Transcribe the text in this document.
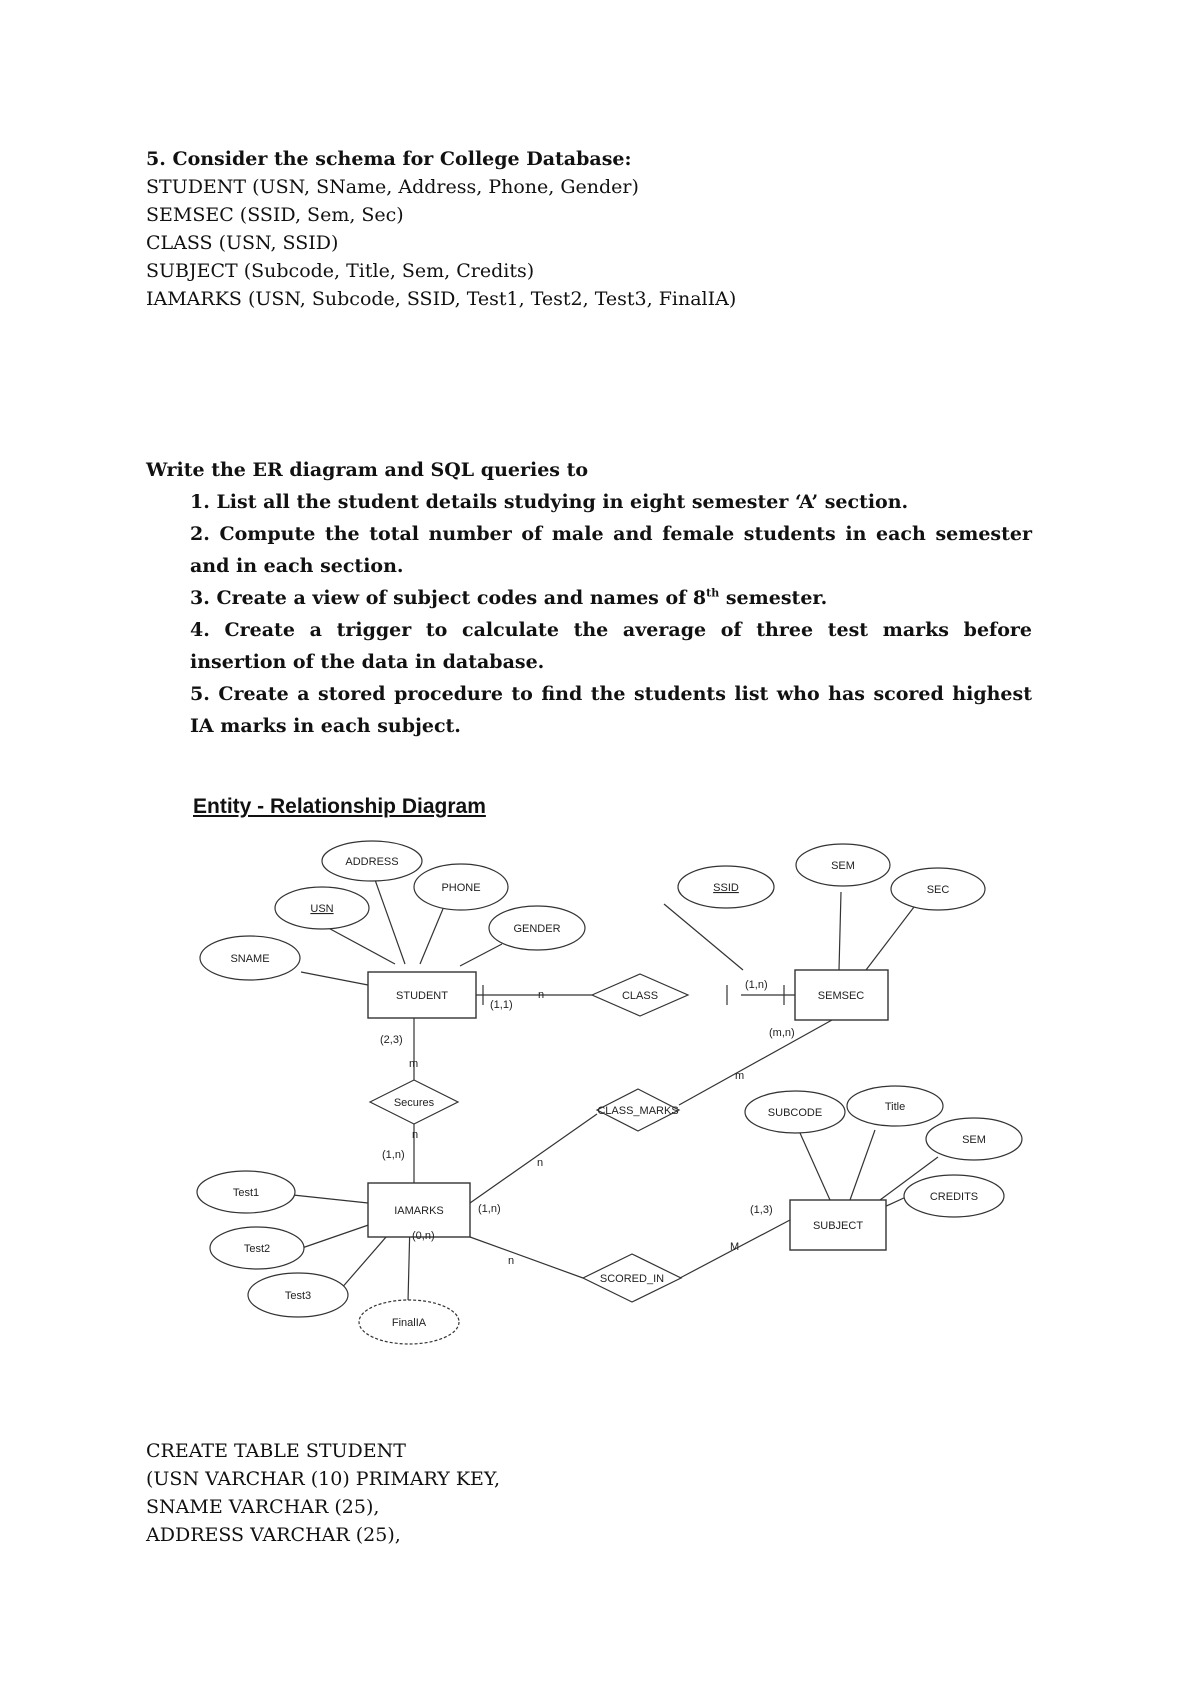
5. Consider the schema for College Database:
STUDENT (USN, SName, Address, Phone, Gender)
SEMSEC (SSID, Sem, Sec)
CLASS (USN, SSID)
SUBJECT (Subcode, Title, Sem, Credits)
IAMARKS (USN, Subcode, SSID, Test1, Test2, Test3, FinalIA)
Write the ER diagram and SQL queries to
1. List all the student details studying in eight semester ‘A’ section.
2. Compute the total number of male and female students in each semester and in each section.
3. Create a view of subject codes and names of 8th semester.
4. Create a trigger to calculate the average of three test marks before insertion of the data in database.
5. Create a stored procedure to find the students list who has scored highest IA marks in each subject.
Entity - Relationship Diagram
ADDRESS
PHONE
USN
GENDER
SNAME
SSID
SEM
SEC
SUBCODE	Title
SEM
CREDITS
Test1
Test2
Test3
FinalIA
STUDENT	SEMSEC
IAMARKS
SUBJECT
CLASS
Secures
CLASS_MARKS
SCORED_IN
(1,1)
n
(1,n)
(2,3)
m
n
(1,n)
(m,n)
m
n
(1,n)
(0,n)
n
M
(1,3)
CREATE TABLE STUDENT
(USN VARCHAR (10) PRIMARY KEY,
SNAME VARCHAR (25),
ADDRESS VARCHAR (25),
